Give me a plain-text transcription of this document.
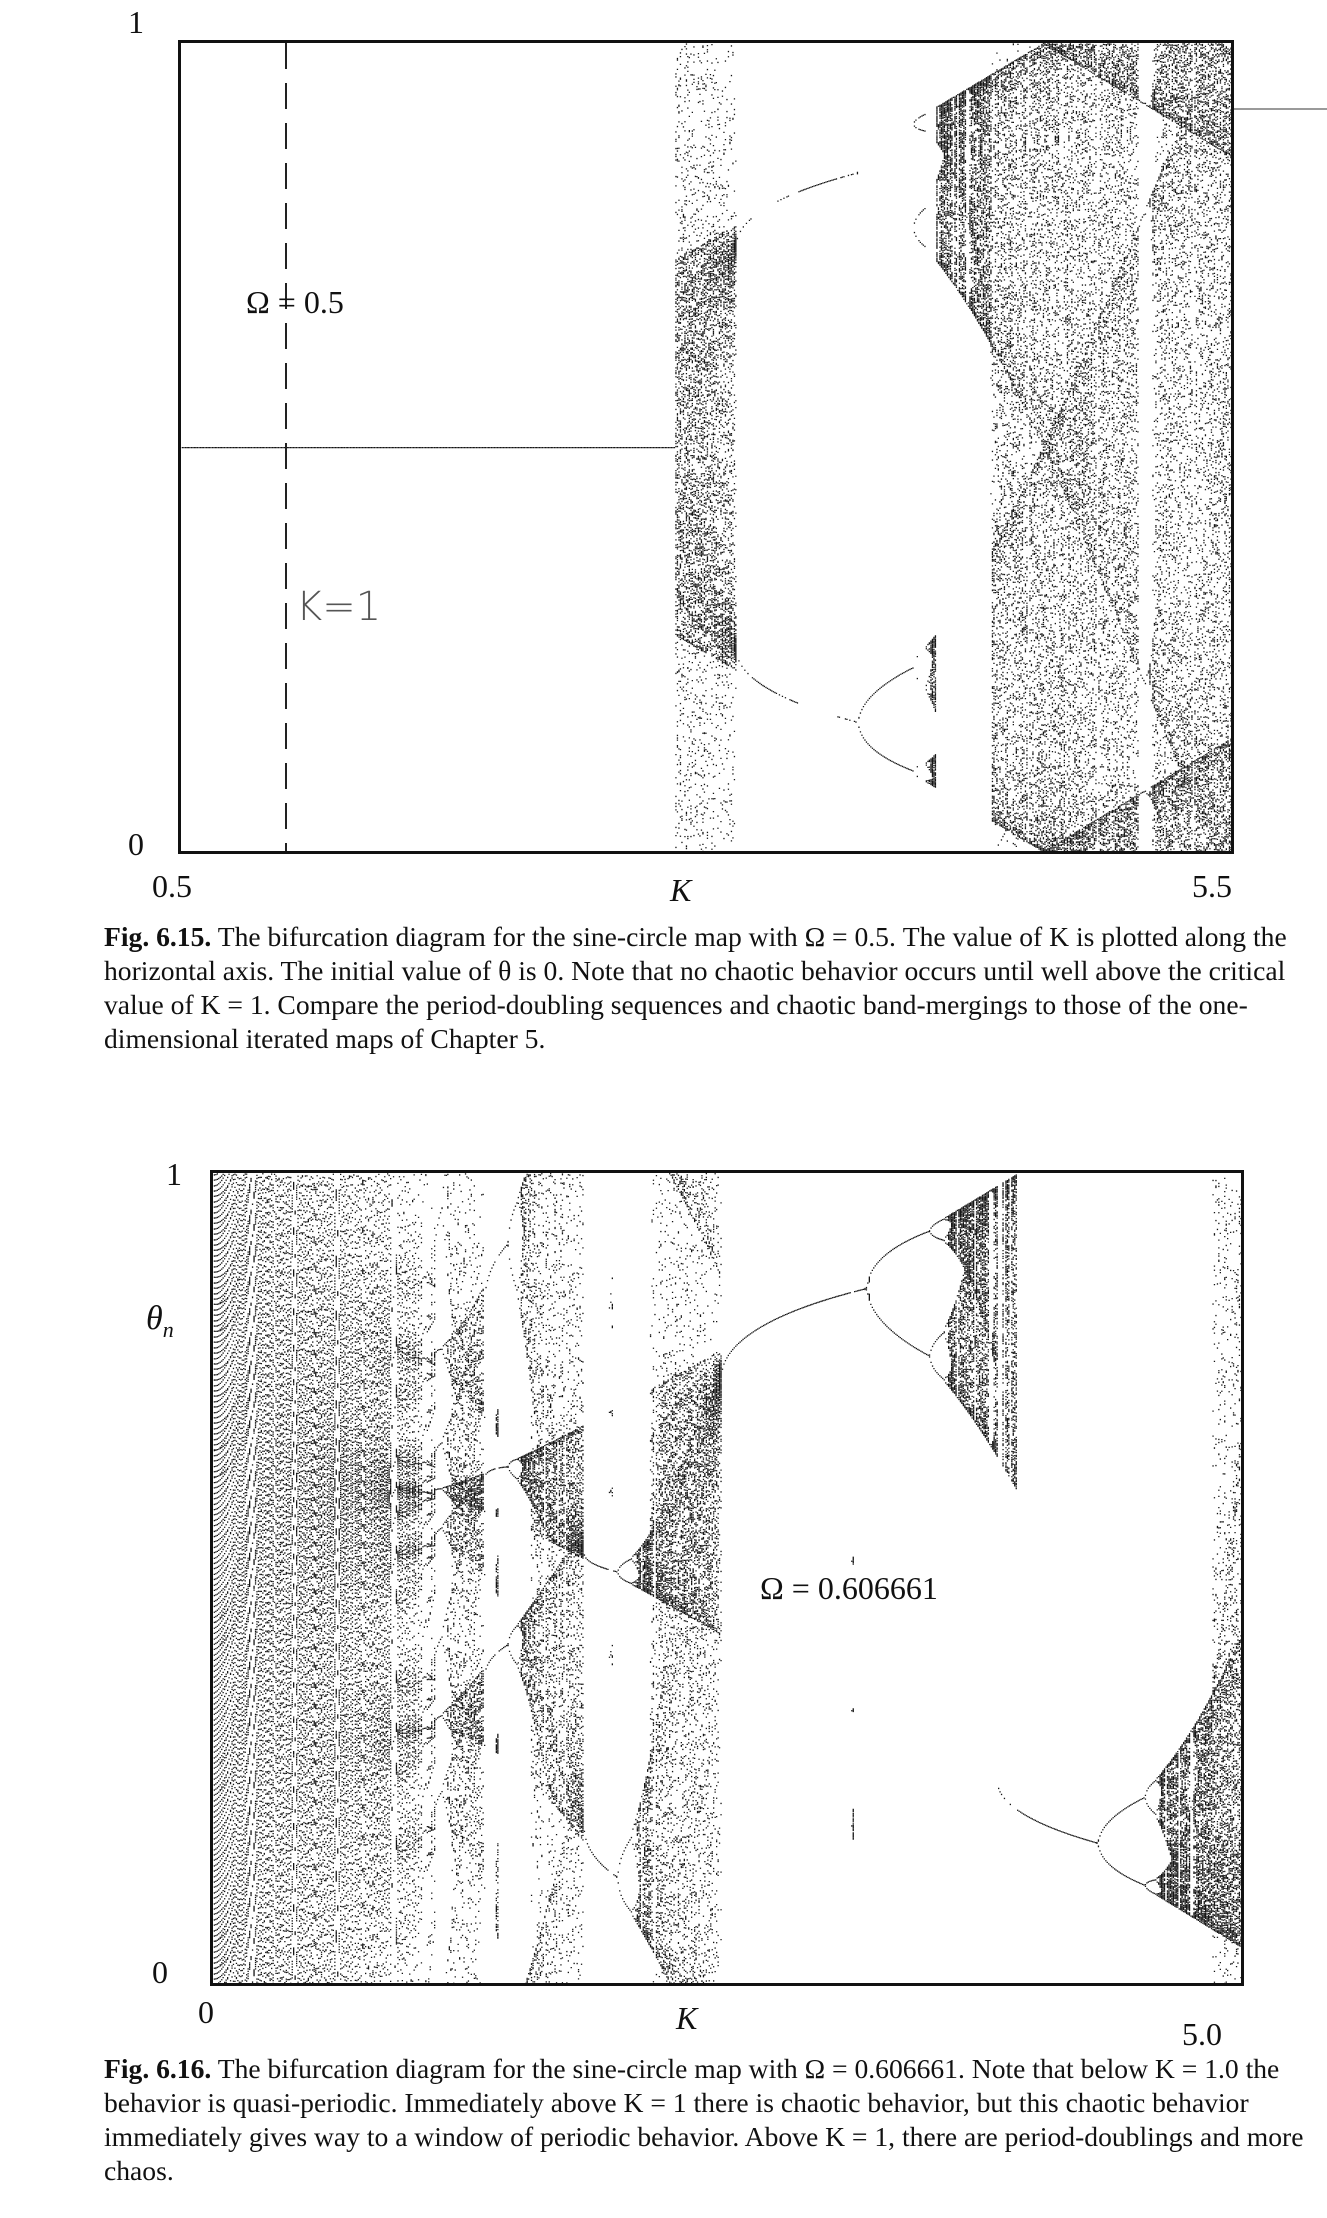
1
0
Ω = 0.5
K=1
0.5	K	5.5
Fig. 6.15. The bifurcation diagram for the sine-circle map with Ω = 0.5. The value of K is plotted along the horizontal axis. The initial value of θ is 0. Note that no chaotic behavior occurs until well above the critical value of K = 1. Compare the period-doubling sequences and chaotic band-mergings to those of the one-dimensional iterated maps of Chapter 5.
1
$\theta_n$
0
Ω = 0.606661
0	K	5.0
Fig. 6.16. The bifurcation diagram for the sine-circle map with Ω = 0.606661. Note that below K = 1.0 the behavior is quasi-periodic. Immediately above K = 1 there is chaotic behavior, but this chaotic behavior immediately gives way to a window of periodic behavior. Above K = 1, there are period-doublings and more chaos.
